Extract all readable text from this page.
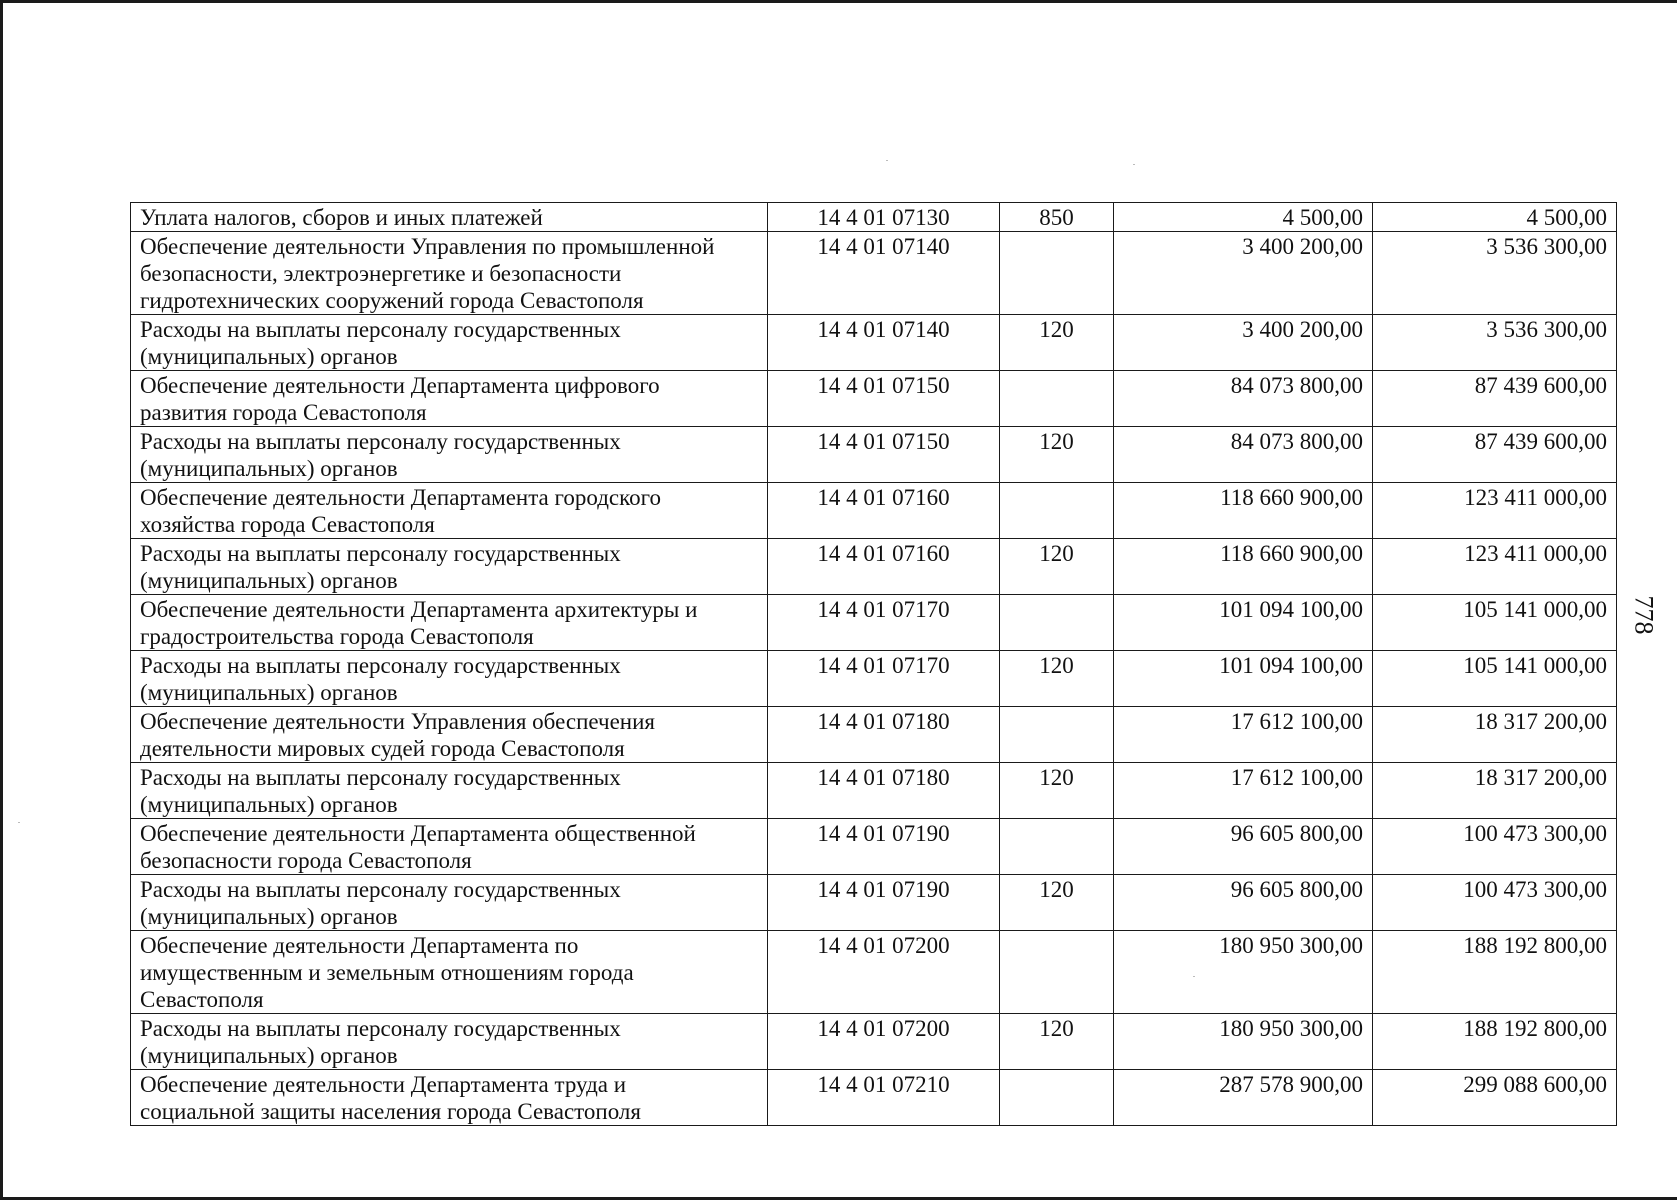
Уплата налогов, сборов и иных платежей	14 4 01 07130	850	4 500,00	4 500,00
Обеспечение деятельности Управления по промышленной
безопасности, электроэнергетике и безопасности
гидротехнических сооружений города Севастополя	14 4 01 07140		3 400 200,00	3 536 300,00
Расходы на выплаты персоналу государственных
(муниципальных) органов	14 4 01 07140	120	3 400 200,00	3 536 300,00
Обеспечение деятельности Департамента цифрового
развития города Севастополя	14 4 01 07150		84 073 800,00	87 439 600,00
Расходы на выплаты персоналу государственных
(муниципальных) органов	14 4 01 07150	120	84 073 800,00	87 439 600,00
Обеспечение деятельности Департамента городского
хозяйства города Севастополя	14 4 01 07160		118 660 900,00	123 411 000,00
Расходы на выплаты персоналу государственных
(муниципальных) органов	14 4 01 07160	120	118 660 900,00	123 411 000,00
Обеспечение деятельности Департамента архитектуры и
градостроительства города Севастополя	14 4 01 07170		101 094 100,00	105 141 000,00
Расходы на выплаты персоналу государственных
(муниципальных) органов	14 4 01 07170	120	101 094 100,00	105 141 000,00
Обеспечение деятельности Управления обеспечения
деятельности мировых судей города Севастополя	14 4 01 07180		17 612 100,00	18 317 200,00
Расходы на выплаты персоналу государственных
(муниципальных) органов	14 4 01 07180	120	17 612 100,00	18 317 200,00
Обеспечение деятельности Департамента общественной
безопасности города Севастополя	14 4 01 07190		96 605 800,00	100 473 300,00
Расходы на выплаты персоналу государственных
(муниципальных) органов	14 4 01 07190	120	96 605 800,00	100 473 300,00
Обеспечение деятельности Департамента по
имущественным и земельным отношениям города
Севастополя	14 4 01 07200		180 950 300,00	188 192 800,00
Расходы на выплаты персоналу государственных
(муниципальных) органов	14 4 01 07200	120	180 950 300,00	188 192 800,00
Обеспечение деятельности Департамента труда и
социальной защиты населения города Севастополя	14 4 01 07210		287 578 900,00	299 088 600,00
778
